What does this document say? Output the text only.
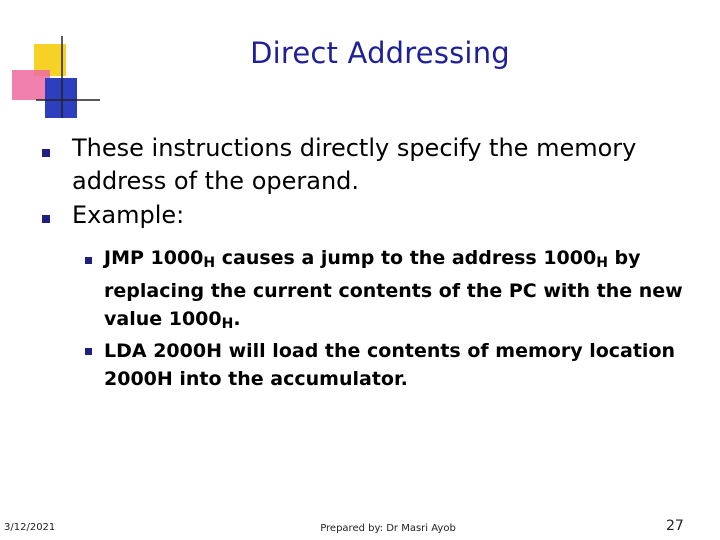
Direct Addressing
These instructions directly specify the memory address of the operand.
Example:
JMP $1000_H$ causes a jump to the address $1000_H$ by
replacing the current contents of the PC with the new
value $1000_H$.
LDA 2000H will load the contents of memory location
2000H into the accumulator.
3/12/2021	Prepared by: Dr Masri Ayob	27
